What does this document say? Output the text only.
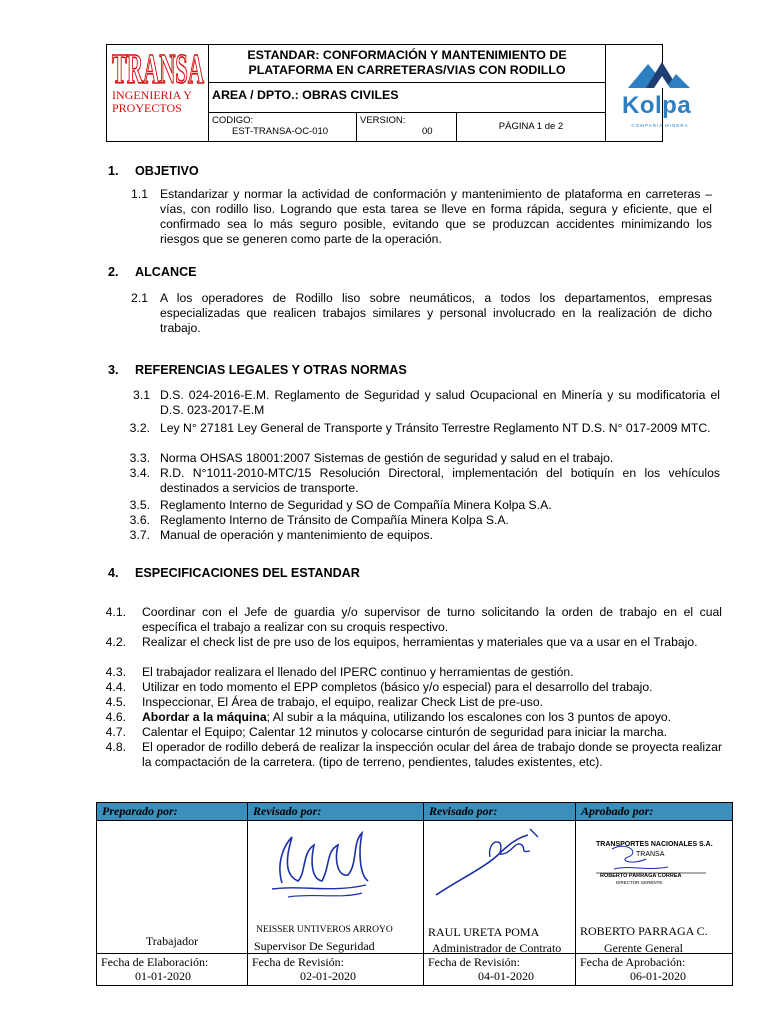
TRANSA
INGENIERIA Y
PROYECTOS
ESTANDAR: CONFORMACIÓN Y MANTENIMIENTO DE
PLATAFORMA EN CARRETERAS/VIAS CON RODILLO
AREA / DPTO.: OBRAS CIVILES
CODIGO:
EST-TRANSA-OC-010
VERSION:
00	PÁGINA 1 de 2
Kolpa
COMPAÑIA MINERA
1. OBJETIVO
1.1 Estandarizar y normar la actividad de conformación y mantenimiento de plataforma en carreteras – vías, con rodillo liso. Logrando que esta tarea se lleve en forma rápida, segura y eficiente, que el confirmado sea lo más seguro posible, evitando que se produzcan accidentes minimizando los riesgos que se generen como parte de la operación.
2. ALCANCE
2.1 A los operadores de Rodillo liso sobre neumáticos, a todos los departamentos, empresas especializadas que realicen trabajos similares y personal involucrado en la realización de dicho trabajo.
3. REFERENCIAS LEGALES Y OTRAS NORMAS
3.1 D.S. 024-2016-E.M. Reglamento de Seguridad y salud Ocupacional en Minería y su modificatoria el D.S. 023-2017-E.M
3.2. Ley N° 27181 Ley General de Transporte y Tránsito Terrestre Reglamento NT D.S. N° 017-2009 MTC.
3.3. Norma OHSAS 18001:2007 Sistemas de gestión de seguridad y salud en el trabajo.
3.4. R.D. N°1011-2010-MTC/15 Resolución Directoral, implementación del botiquín en los vehículos destinados a servicios de transporte.
3.5. Reglamento Interno de Seguridad y SO de Compañía Minera Kolpa S.A.
3.6. Reglamento Interno de Tránsito de Compañía Minera Kolpa S.A.
3.7. Manual de operación y mantenimiento de equipos.
4. ESPECIFICACIONES DEL ESTANDAR
4.1. Coordinar con el Jefe de guardia y/o supervisor de turno solicitando la orden de trabajo en el cual específica el trabajo a realizar con su croquis respectivo.
4.2. Realizar el check list de pre uso de los equipos, herramientas y materiales que va a usar en el Trabajo.
4.3. El trabajador realizara el llenado del IPERC continuo y herramientas de gestión.
4.4. Utilizar en todo momento el EPP completos (básico y/o especial) para el desarrollo del trabajo.
4.5. Inspeccionar, El Área de trabajo, el equipo, realizar Check List de pre-uso.
4.6. Abordar a la máquina; Al subir a la máquina, utilizando los escalones con los 3 puntos de apoyo.
4.7. Calentar el Equipo; Calentar 12 minutos y colocarse cinturón de seguridad para iniciar la marcha.
4.8. El operador de rodillo deberá de realizar la inspección ocular del área de trabajo donde se proyecta realizar la compactación de la carretera. (tipo de terreno, pendientes, taludes existentes, etc).
Preparado por:
Trabajador
Fecha de Elaboración:
01-01-2020
Revisado por:
NEISSER UNTIVEROS ARROYO
Supervisor De Seguridad
Fecha de Revisión:
02-01-2020
Revisado por:
RAUL URETA POMA
Administrador de Contrato
Fecha de Revisión:
04-01-2020
Aprobado por:
TRANSPORTES NACIONALES S.A.
TRANSA
ROBERTO PARRAGA CORREA
DIRECTOR GERENTE
ROBERTO PARRAGA C.
Gerente General
Fecha de Aprobación:
06-01-2020
